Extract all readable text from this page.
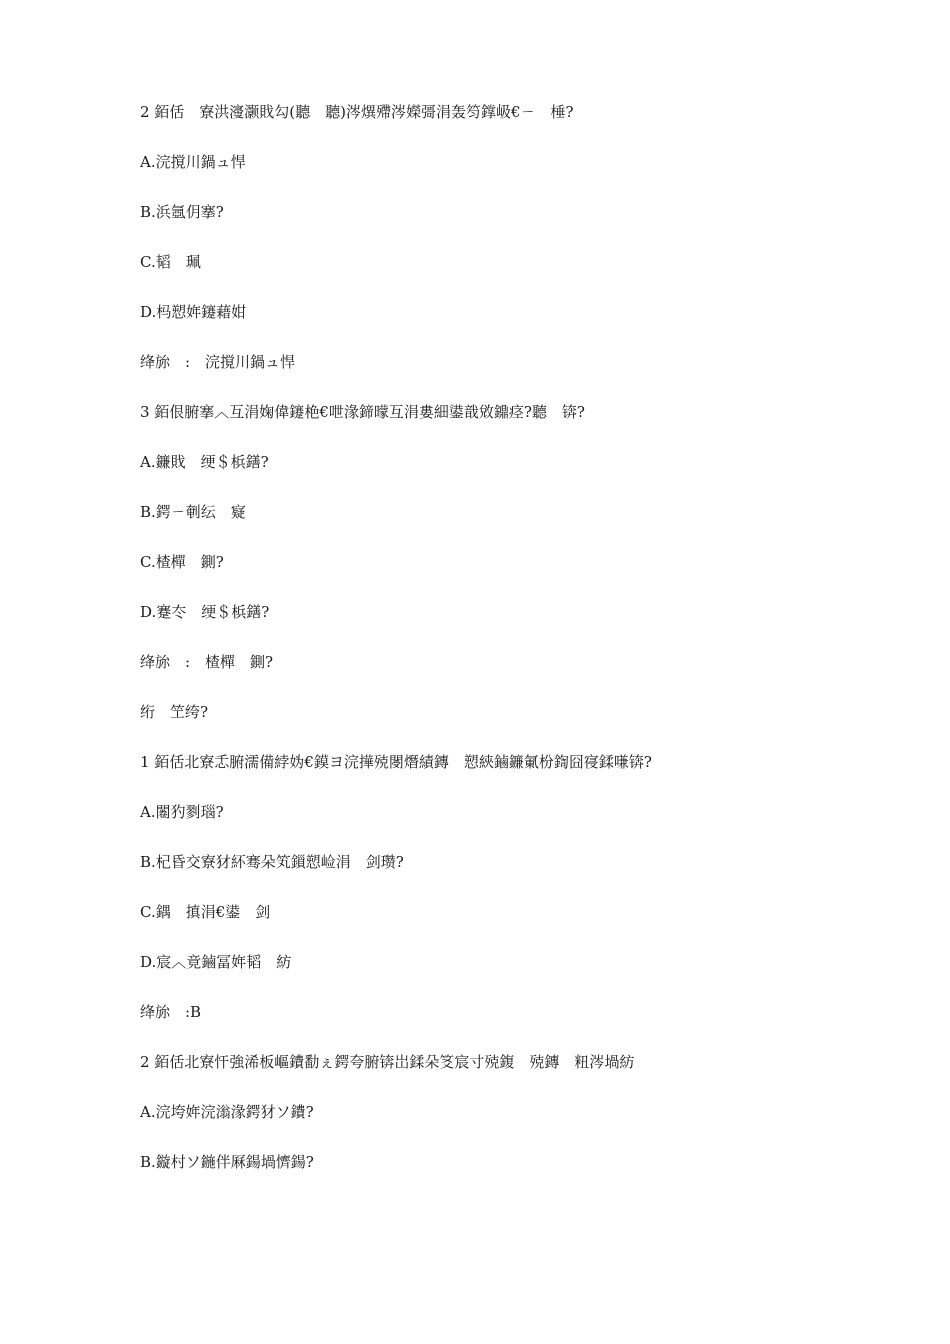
2 銆佸　寮洪濅灏戝勾(聽　聽)涔熼殢涔嬫彁涓轰笉鐣岋€ㄧ　棰?
A.浣撹川鍋ュ悍
B.浜氬仴搴?
C.韬　珮
D.杩愬姩鑳藉姏
绛旀　:　浣撹川鍋ュ悍
3 銆佷腑搴︿互涓婅偉鑳栬€呭湪鍗曚互涓婁細鍙戠敓鐤痉?聽　锛?
A.鐮戝　绠＄梹鐥?
B.鍔ㄧ剦纭　寲
C.楂樿　鍘?
D.蹇冭　绠＄梹鐥?
绛旀　:　楂樿　鍘?
绗　笁绔?
1 銆佸北寮忎腑濡備綍妫€鏌ヨ浣撶殑閿熸績鏄　愬綊鏀鐮氭枌鍧囧寑鍒嗛锛?
A.闂犳剹瑙?
B.杞昏交寮犲紑骞朵笂鎻愬崄涓　剑瓒?
C.鍝　搷涓€鍙　剑
D.宸︿竟鏀冨姩韬　紡
绛旀　:B
2 銆佸北寮忓強浠板嶇鐨勫ぇ鍔夸腑锛岀鍒朵笅宸寸殑鍑　殑鏄　粈涔堝紡
A.浣垮姩浣滃湪鍔犲ソ鐨?
B.鏇村ソ鍦伴厤鍚堝懠鍚?
